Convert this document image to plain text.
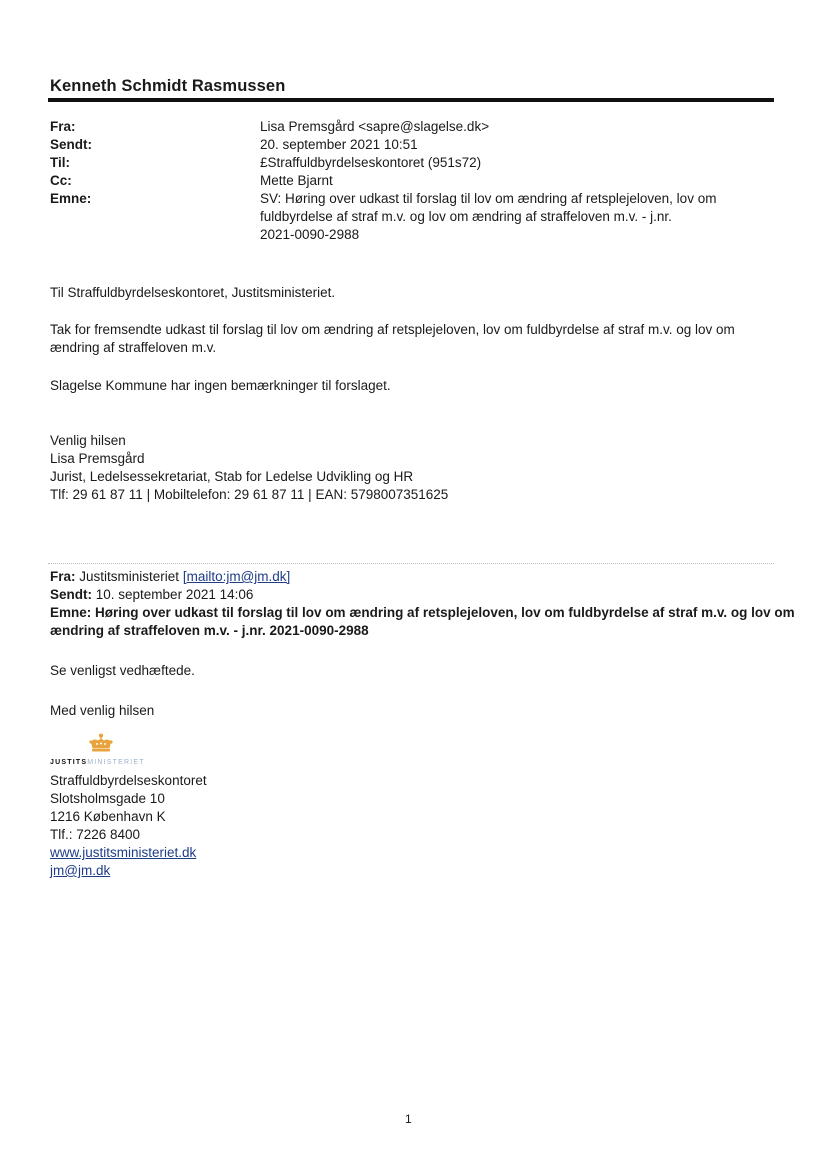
Kenneth Schmidt Rasmussen
Fra:	Lisa Premsgård <sapre@slagelse.dk>
Sendt:	20. september 2021 10:51
Til:	£Straffuldbyrdelseskontoret (951s72)
Cc:	Mette Bjarnt
Emne:	SV: Høring over udkast til forslag til lov om ændring af retsplejeloven, lov om
fuldbyrdelse af straf m.v. og lov om ændring af straffeloven m.v. - j.nr.
2021-0090-2988
Til Straffuldbyrdelseskontoret, Justitsministeriet.
Tak for fremsendte udkast til forslag til lov om ændring af retsplejeloven, lov om fuldbyrdelse af straf m.v. og lov om
ændring af straffeloven m.v.
Slagelse Kommune har ingen bemærkninger til forslaget.
Venlig hilsen
Lisa Premsgård
Jurist, Ledelsessekretariat, Stab for Ledelse Udvikling og HR
Tlf: 29 61 87 11 | Mobiltelefon: 29 61 87 11 | EAN: 5798007351625
Fra: Justitsministeriet [mailto:jm@jm.dk]
Sendt: 10. september 2021 14:06
Emne: Høring over udkast til forslag til lov om ændring af retsplejeloven, lov om fuldbyrdelse af straf m.v. og lov om
ændring af straffeloven m.v. - j.nr. 2021-0090-2988
Se venligst vedhæftede.
Med venlig hilsen
JUSTITSMINISTERIET
Straffuldbyrdelseskontoret
Slotsholmsgade 10
1216 København K
Tlf.: 7226 8400
www.justitsministeriet.dk
jm@jm.dk
1
